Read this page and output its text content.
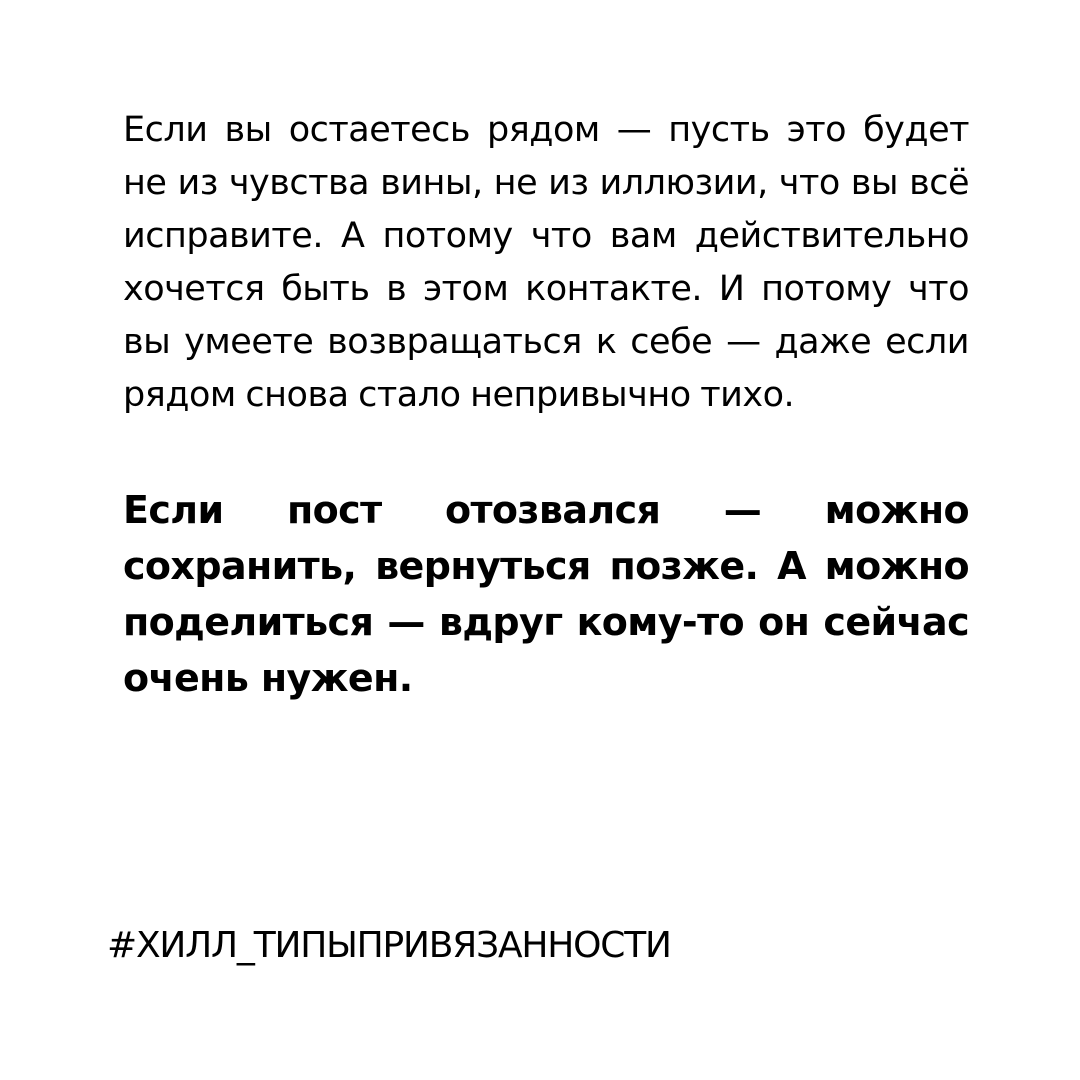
Если вы остаетесь рядом — пусть это будет не из чувства вины, не из иллюзии, что вы всё исправите. А потому что вам действительно хочется быть в этом контакте. И потому что вы умеете возвращаться к себе — даже если рядом снова стало непривычно тихо.

Если пост отозвался — можно сохранить, вернуться позже. А можно поделиться — вдруг кому-то он сейчас очень нужен.

#ХИЛЛ_ТИПЫПРИВЯЗАННОСТИ
